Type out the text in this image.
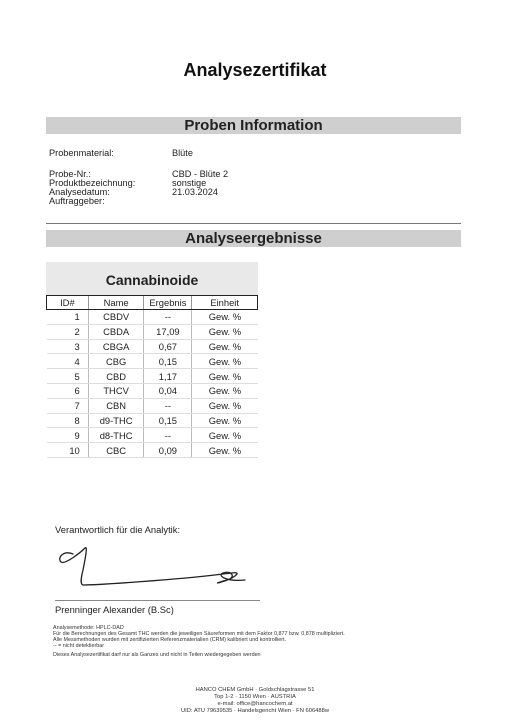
Analysezertifikat
Proben Information
Probenmaterial:	Blüte
Probe-Nr.:	CBD - Blüte 2
Produktbezeichnung:	sonstige
Analysedatum:	21.03.2024
Auftraggeber:
Analyseergebnisse
Cannabinoide
ID#	Name	Ergebnis	Einheit
1	CBDV	--	Gew. %
2	CBDA	17,09	Gew. %
3	CBGA	0,67	Gew. %
4	CBG	0,15	Gew. %
5	CBD	1,17	Gew. %
6	THCV	0,04	Gew. %
7	CBN	--	Gew. %
8	d9-THC	0,15	Gew. %
9	d8-THC	--	Gew. %
10	CBC	0,09	Gew. %
Verantwortlich für die Analytik:
Prenninger Alexander (B.Sc)
Analysemethode: HPLC-DAD
Für die Berechnungen des Gesamt THC werden die jeweiligen Säureformen mit dem Faktor 0,877 bzw. 0,878 multipliziert.
Alle Messmethoden wurden mit zertifizierten Referenzmaterialien (CRM) kalibriert und kontrolliert.
-- = nicht detektierbar
Dieses Analysezertifikat darf nur als Ganzes und nicht in Teilen wiedergegeben werden
HANCO CHEM GmbH · Goldschlagstrasse 51
Top 1-2 · 1150 Wien · AUSTRIA
e-mail: office@hancochem.at
UID: ATU 79639535 · Handelsgericht Wien · FN 606488w
